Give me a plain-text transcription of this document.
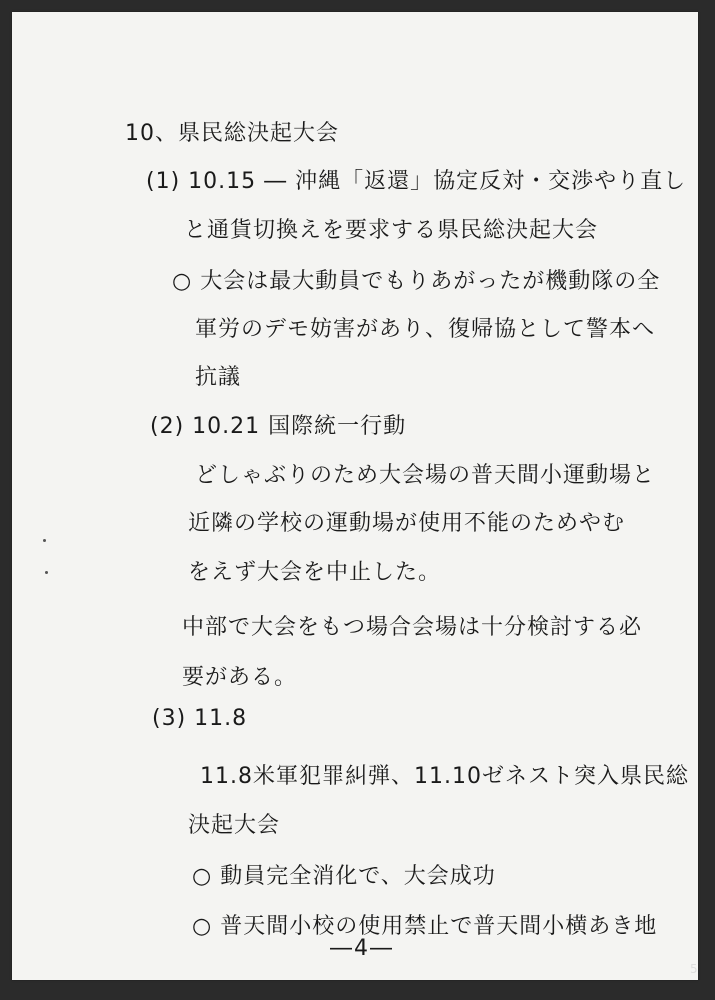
10、県民総決起大会
(1) 10.15 ― 沖縄「返還」協定反対・交渉やり直し
と通貨切換えを要求する県民総決起大会
○ 大会は最大動員でもりあがったが機動隊の全
軍労のデモ妨害があり、復帰協として警本へ
抗議
(2) 10.21 国際統一行動
どしゃぶりのため大会場の普天間小運動場と
近隣の学校の運動場が使用不能のためやむ
をえず大会を中止した。
中部で大会をもつ場合会場は十分検討する必
要がある。
(3) 11.8
11.8米軍犯罪糾弾、11.10ゼネスト突入県民総
決起大会
○ 動員完全消化で、大会成功
○ 普天間小校の使用禁止で普天間小横あき地
―4―
5
